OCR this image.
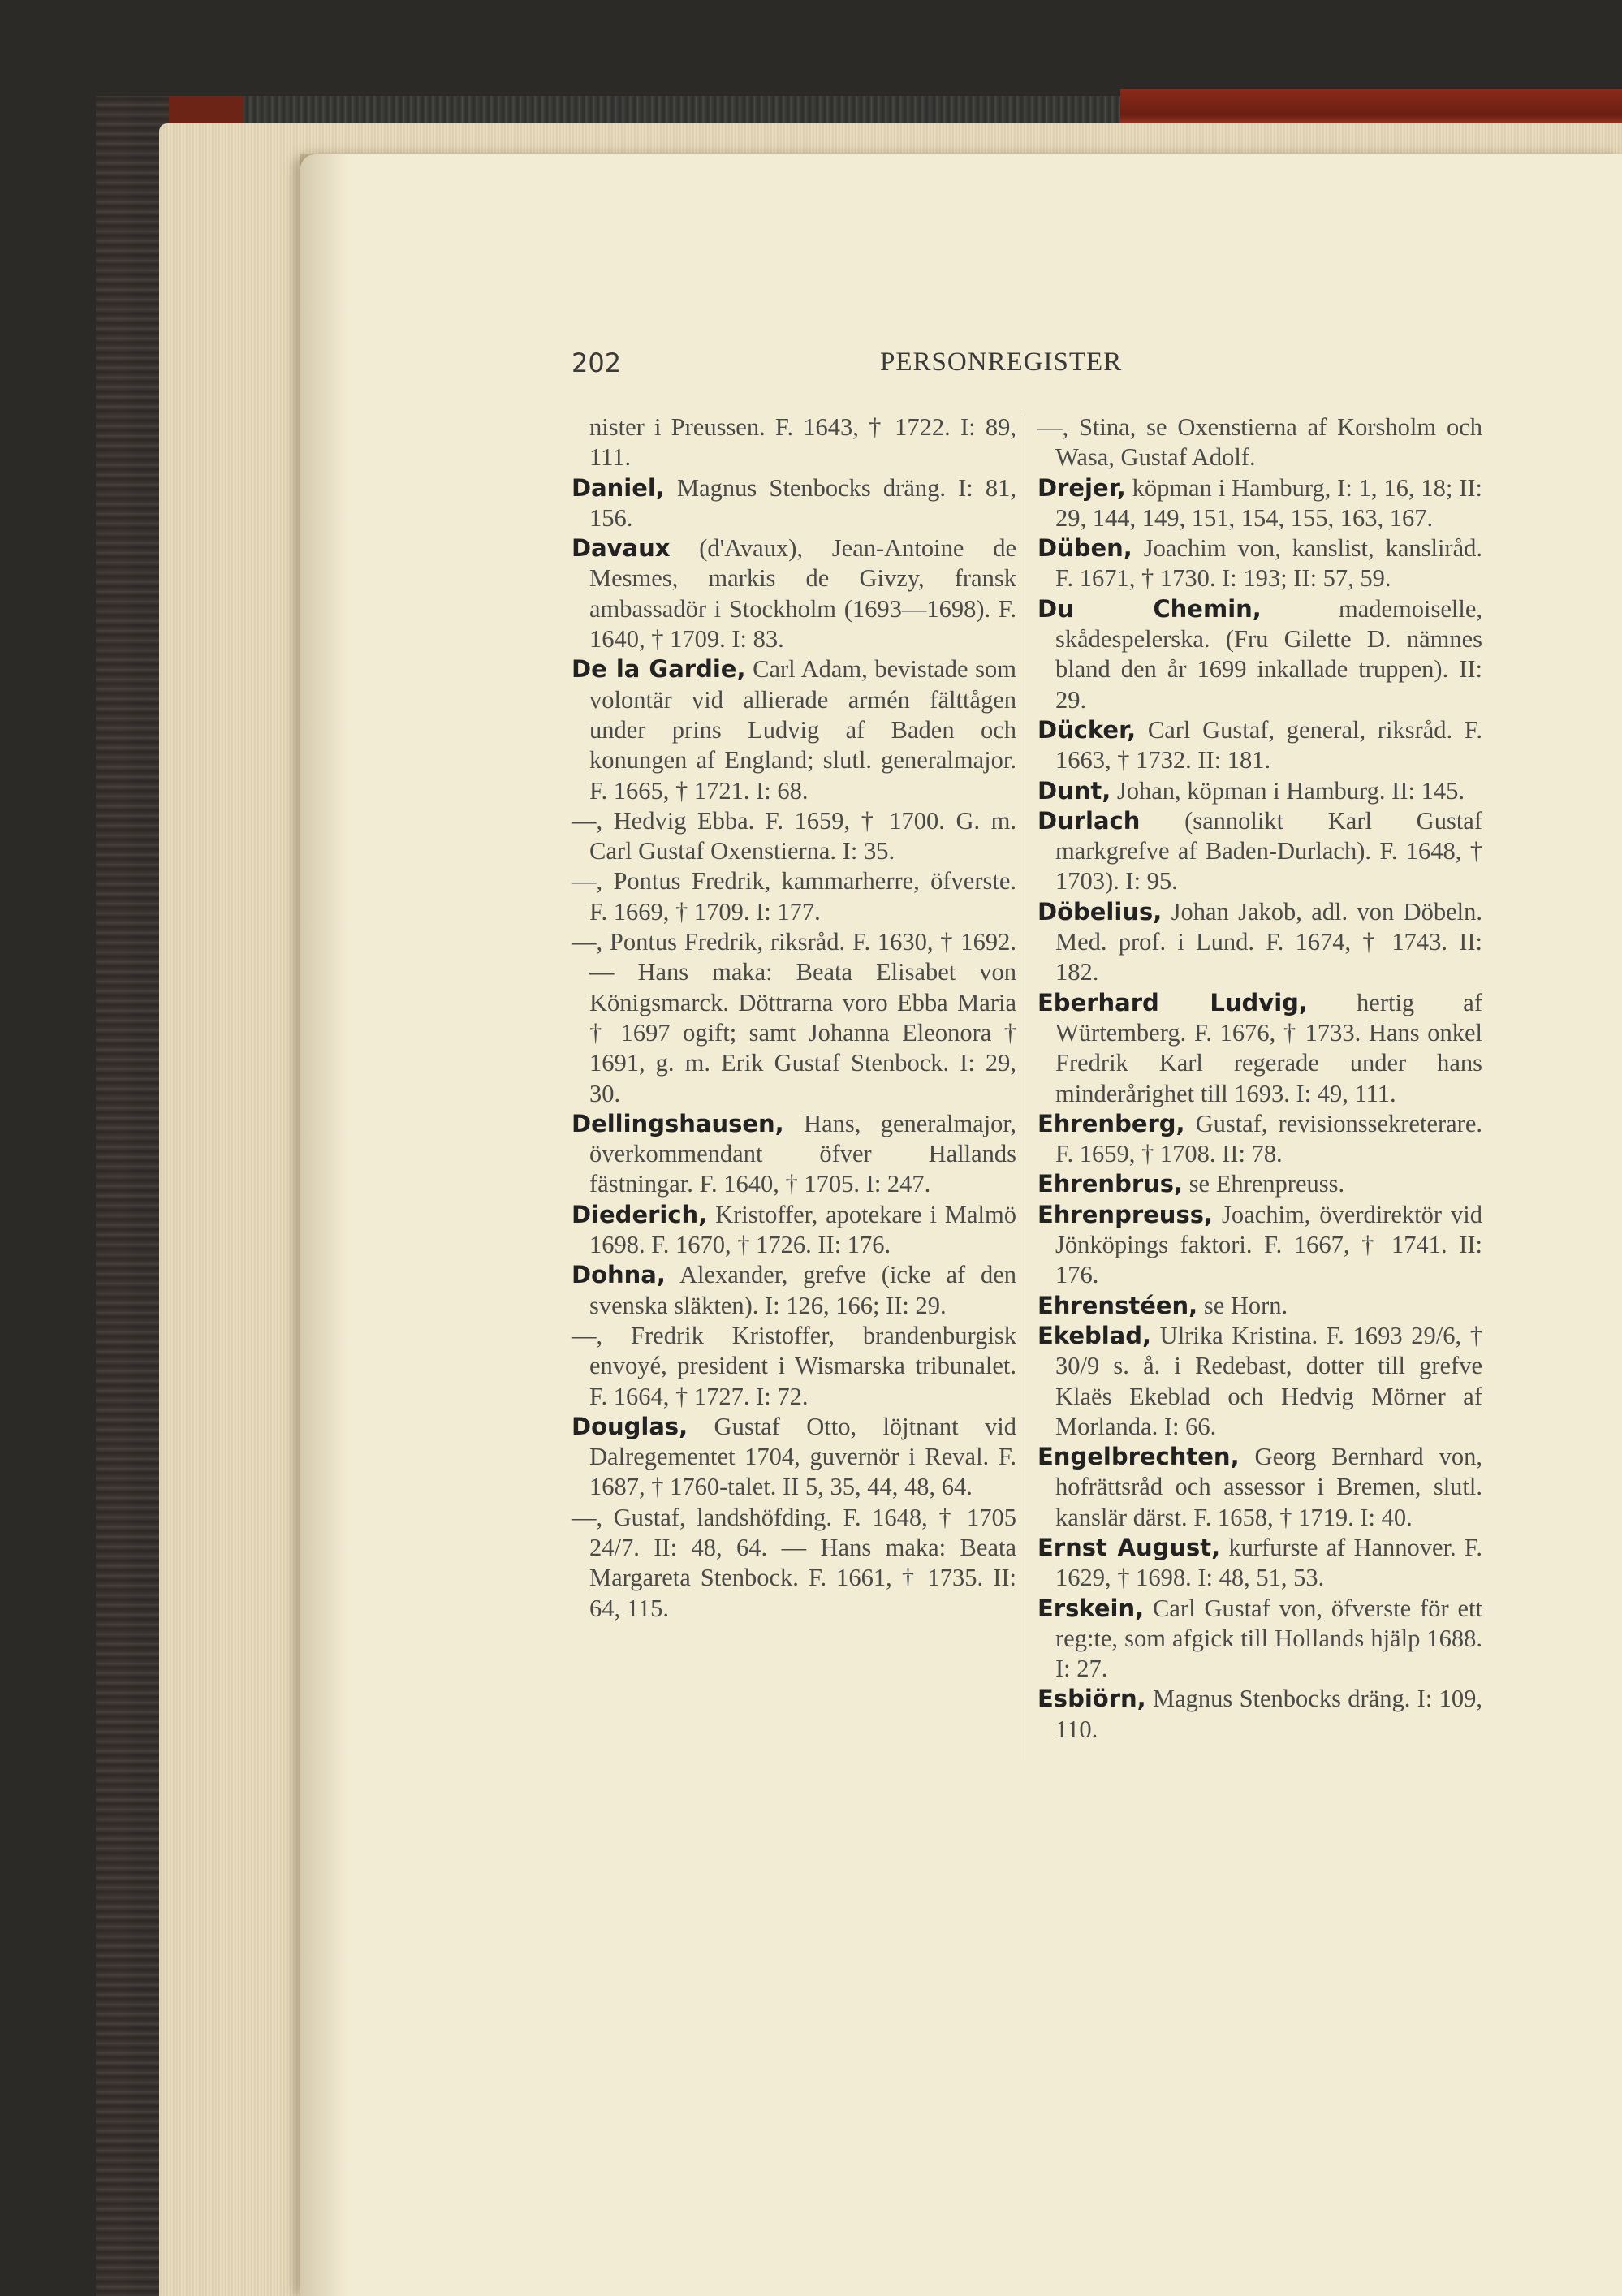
202	PERSONREGISTER
nister i Preussen. F. 1643, † 1722. I: 89, 111.
Daniel, Magnus Stenbocks dräng. I: 81, 156.
Davaux (d'Avaux), Jean-Antoine de Mesmes, markis de Givzy, fransk ambassadör i Stockholm (1693—1698). F. 1640, † 1709. I: 83.
De la Gardie, Carl Adam, bevistade som volontär vid allierade armén fälttågen under prins Ludvig af Baden och konungen af England; slutl. generalmajor. F. 1665, † 1721. I: 68.
—, Hedvig Ebba. F. 1659, † 1700. G. m. Carl Gustaf Oxenstierna. I: 35.
—, Pontus Fredrik, kammarherre, öfverste. F. 1669, † 1709. I: 177.
—, Pontus Fredrik, riksråd. F. 1630, † 1692. — Hans maka: Beata Elisabet von Königsmarck. Döttrarna voro Ebba Maria † 1697 ogift; samt Johanna Eleonora † 1691, g. m. Erik Gustaf Stenbock. I: 29, 30.
Dellingshausen, Hans, generalmajor, överkommendant öfver Hallands fästningar. F. 1640, † 1705. I: 247.
Diederich, Kristoffer, apotekare i Malmö 1698. F. 1670, † 1726. II: 176.
Dohna, Alexander, grefve (icke af den svenska släkten). I: 126, 166; II: 29.
—, Fredrik Kristoffer, brandenburgisk envoyé, president i Wismarska tribunalet. F. 1664, † 1727. I: 72.
Douglas, Gustaf Otto, löjtnant vid Dalregementet 1704, guvernör i Reval. F. 1687, † 1760-talet. II 5, 35, 44, 48, 64.
—, Gustaf, landshöfding. F. 1648, † 1705 24/7. II: 48, 64. — Hans maka: Beata Margareta Stenbock. F. 1661, † 1735. II: 64, 115.
—, Stina, se Oxenstierna af Korsholm och Wasa, Gustaf Adolf.
Drejer, köpman i Hamburg, I: 1, 16, 18; II: 29, 144, 149, 151, 154, 155, 163, 167.
Düben, Joachim von, kanslist, kansliråd. F. 1671, † 1730. I: 193; II: 57, 59.
Du Chemin, mademoiselle, skådespelerska. (Fru Gilette D. nämnes bland den år 1699 inkallade truppen). II: 29.
Dücker, Carl Gustaf, general, riksråd. F. 1663, † 1732. II: 181.
Dunt, Johan, köpman i Hamburg. II: 145.
Durlach (sannolikt Karl Gustaf markgrefve af Baden-Durlach). F. 1648, † 1703). I: 95.
Döbelius, Johan Jakob, adl. von Döbeln. Med. prof. i Lund. F. 1674, † 1743. II: 182.
Eberhard Ludvig, hertig af Würtemberg. F. 1676, † 1733. Hans onkel Fredrik Karl regerade under hans minderårighet till 1693. I: 49, 111.
Ehrenberg, Gustaf, revisionssekreterare. F. 1659, † 1708. II: 78.
Ehrenbrus, se Ehrenpreuss.
Ehrenpreuss, Joachim, överdirektör vid Jönköpings faktori. F. 1667, † 1741. II: 176.
Ehrenstéen, se Horn.
Ekeblad, Ulrika Kristina. F. 1693 29/6, † 30/9 s. å. i Redebast, dotter till grefve Klaës Ekeblad och Hedvig Mörner af Morlanda. I: 66.
Engelbrechten, Georg Bernhard von, hofrättsråd och assessor i Bremen, slutl. kanslär därst. F. 1658, † 1719. I: 40.
Ernst August, kurfurste af Hannover. F. 1629, † 1698. I: 48, 51, 53.
Erskein, Carl Gustaf von, öfverste för ett reg:te, som afgick till Hollands hjälp 1688. I: 27.
Esbiörn, Magnus Stenbocks dräng. I: 109, 110.
